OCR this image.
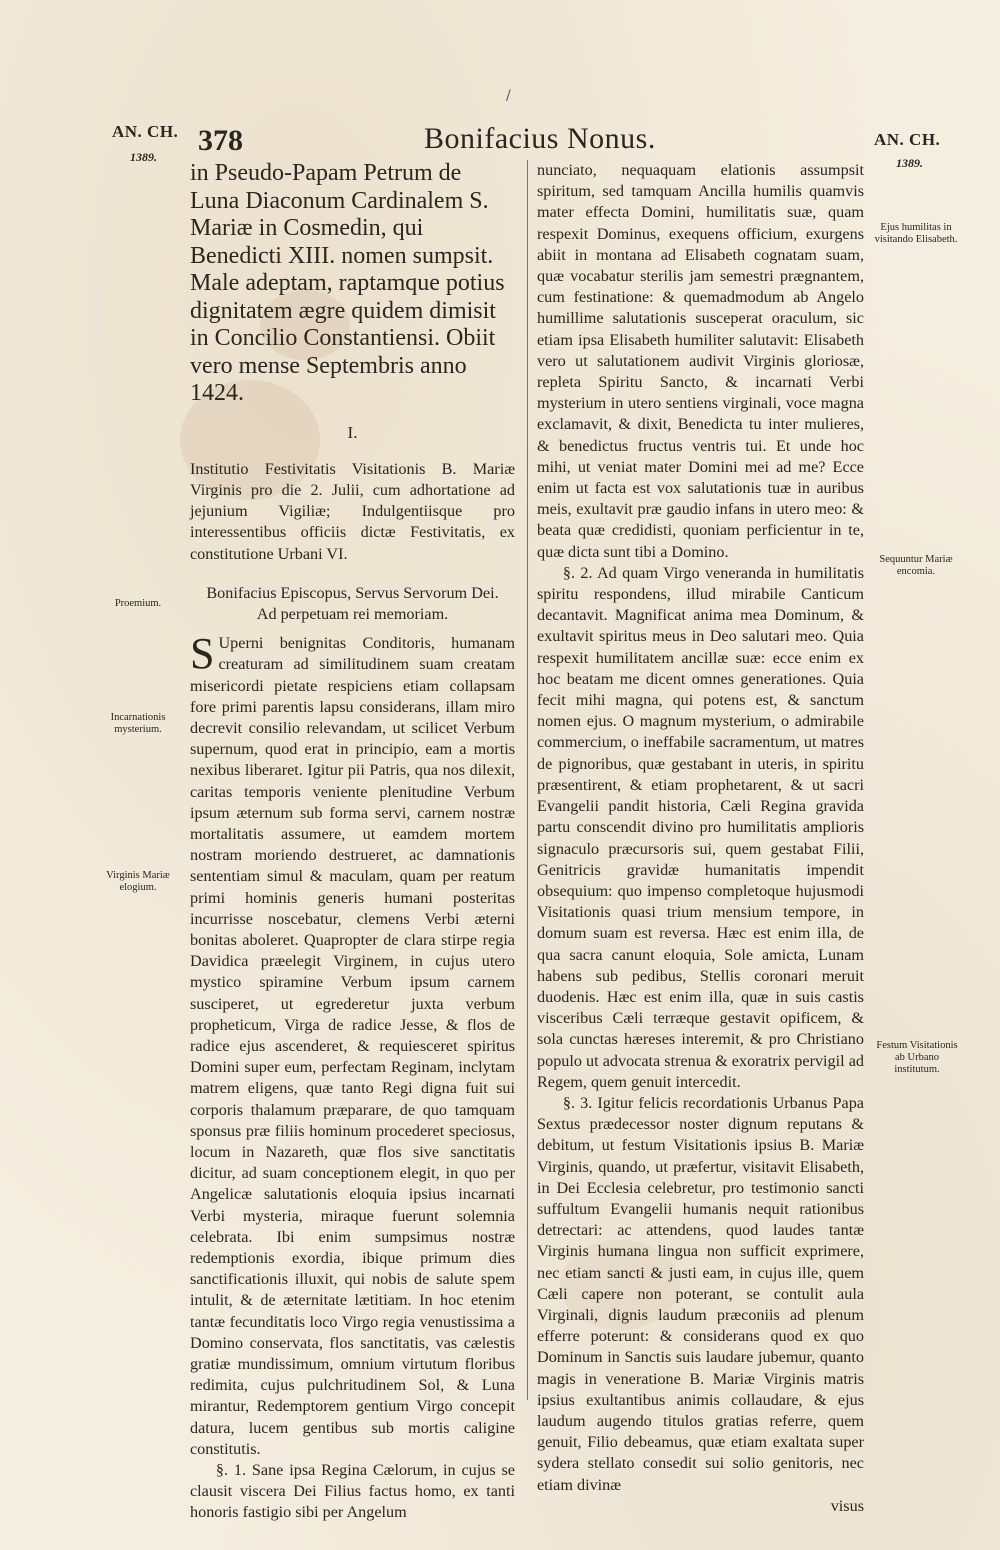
/
AN. CH.
1389. 378	Bonifacius Nonus.	AN. CH.
1389.

in Pseudo-Papam Petrum de Luna Diaconum Cardinalem S. Mariæ in Cosmedin, qui Benedicti XIII. nomen sumpsit. Male adeptam, raptamque potius dignitatem ægre quidem dimisit in Concilio Constantiensi. Obiit vero mense Septembris anno 1424.

I.

Institutio Festivitatis Visitationis B. Mariæ Virginis pro die 2. Julii, cum adhortatione ad jejunium Vigiliæ; Indulgentiisque pro interessentibus officiis dictæ Festivitatis, ex constitutione Urbani VI.

Bonifacius Episcopus, Servus Servorum Dei.

Ad perpetuam rei memoriam.

S Uperni benignitas Conditoris, humanam creaturam ad similitudinem suam creatam misericordi pietate respiciens etiam collapsam fore primi parentis lapsu considerans, illam miro decrevit consilio relevandam, ut scilicet Verbum supernum, quod erat in principio, eam a mortis nexibus liberaret. Igitur pii Patris, qua nos dilexit, caritas temporis veniente plenitudine Verbum ipsum æternum sub forma servi, carnem nostræ mortalitatis assumere, ut eamdem mortem nostram moriendo destrueret, ac damnationis sententiam simul & maculam, quam per reatum primi hominis generis humani posteritas incurrisse noscebatur, clemens Verbi æterni bonitas aboleret. Quapropter de clara stirpe regia Davidica præelegit Virginem, in cujus utero mystico spiramine Verbum ipsum carnem susciperet, ut egrederetur juxta verbum propheticum, Virga de radice Jesse, & flos de radice ejus ascenderet, & requiesceret spiritus Domini super eum, perfectam Reginam, inclytam matrem eligens, quæ tanto Regi digna fuit sui corporis thalamum præparare, de quo tamquam sponsus præ filiis hominum procederet speciosus, locum in Nazareth, quæ flos sive sanctitatis dicitur, ad suam conceptionem elegit, in quo per Angelicæ salutationis eloquia ipsius incarnati Verbi mysteria, miraque fuerunt solemnia celebrata. Ibi enim sumpsimus nostræ redemptionis exordia, ibique primum dies sanctificationis illuxit, qui nobis de salute spem intulit, & de æternitate lætitiam. In hoc etenim tantæ fecunditatis loco Virgo regia venustissima a Domino conservata, flos sanctitatis, vas cælestis gratiæ mundissimum, omnium virtutum floribus redimita, cujus pulchritudinem Sol, & Luna mirantur, Redemptorem gentium Virgo concepit datura, lucem gentibus sub mortis caligine constitutis.

§. 1. Sane ipsa Regina Cælorum, in cujus se clausit viscera Dei Filius factus homo, ex tanti honoris fastigio sibi per Angelum

nunciato, nequaquam elationis assumpsit spiritum, sed tamquam Ancilla humilis quamvis mater effecta Domini, humilitatis suæ, quam respexit Dominus, exequens officium, exurgens abiit in montana ad Elisabeth cognatam suam, quæ vocabatur sterilis jam semestri prægnantem, cum festinatione: & quemadmodum ab Angelo humillime salutationis susceperat oraculum, sic etiam ipsa Elisabeth humiliter salutavit: Elisabeth vero ut salutationem audivit Virginis gloriosæ, repleta Spiritu Sancto, & incarnati Verbi mysterium in utero sentiens virginali, voce magna exclamavit, & dixit, Benedicta tu inter mulieres, & benedictus fructus ventris tui. Et unde hoc mihi, ut veniat mater Domini mei ad me? Ecce enim ut facta est vox salutationis tuæ in auribus meis, exultavit præ gaudio infans in utero meo: & beata quæ credidisti, quoniam perficientur in te, quæ dicta sunt tibi a Domino.

§. 2. Ad quam Virgo veneranda in humilitatis spiritu respondens, illud mirabile Canticum decantavit. Magnificat anima mea Dominum, & exultavit spiritus meus in Deo salutari meo. Quia respexit humilitatem ancillæ suæ: ecce enim ex hoc beatam me dicent omnes generationes. Quia fecit mihi magna, qui potens est, & sanctum nomen ejus. O magnum mysterium, o admirabile commercium, o ineffabile sacramentum, ut matres de pignoribus, quæ gestabant in uteris, in spiritu præsentirent, & etiam prophetarent, & ut sacri Evangelii pandit historia, Cæli Regina gravida partu conscendit divino pro humilitatis amplioris signaculo præcursoris sui, quem gestabat Filii, Genitricis gravidæ humanitatis impendit obsequium: quo impenso completoque hujusmodi Visitationis quasi trium mensium tempore, in domum suam est reversa. Hæc est enim illa, de qua sacra canunt eloquia, Sole amicta, Lunam habens sub pedibus, Stellis coronari meruit duodenis. Hæc est enim illa, quæ in suis castis visceribus Cæli terræque gestavit opificem, & sola cunctas hæreses interemit, & pro Christiano populo ut advocata strenua & exoratrix pervigil ad Regem, quem genuit intercedit.

§. 3. Igitur felicis recordationis Urbanus Papa Sextus prædecessor noster dignum reputans & debitum, ut festum Visitationis ipsius B. Mariæ Virginis, quando, ut præfertur, visitavit Elisabeth, in Dei Ecclesia celebretur, pro testimonio sancti suffultum Evangelii humanis nequit rationibus detrectari: ac attendens, quod laudes tantæ Virginis humana lingua non sufficit exprimere, nec etiam sancti & justi eam, in cujus ille, quem Cæli capere non poterant, se contulit aula Virginali, dignis laudum præconiis ad plenum efferre poterunt: & considerans quod ex quo Dominum in Sanctis suis laudare jubemur, quanto magis in veneratione B. Mariæ Virginis matris ipsius exultantibus animis collaudare, & ejus laudum augendo titulos gratias referre, quem genuit, Filio debeamus, quæ etiam exaltata super sydera stellato consedit sui solio genitoris, nec etiam divinæ

visus

Proemium.
Incarnationis mysterium.
Virginis Mariæ elogium.
Ejus humilitas in visitando Elisabeth.
Sequuntur Mariæ encomia.
Festum Visitationis ab Urbano institutum.
